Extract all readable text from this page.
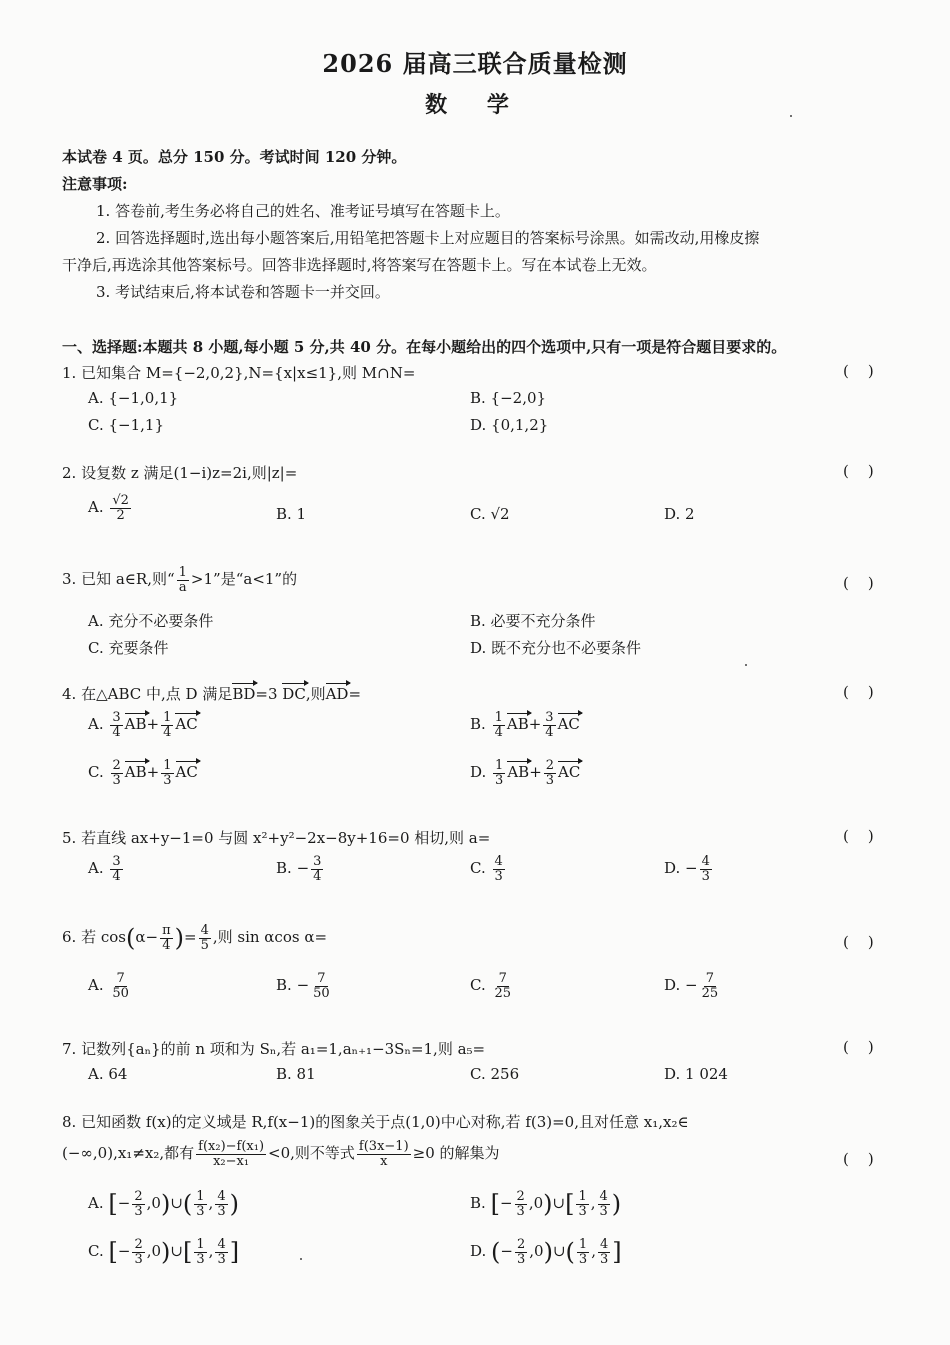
2026 届高三联合质量检测
数 学
本试卷 4 页。总分 150 分。考试时间 120 分钟。
注意事项:
1. 答卷前,考生务必将自己的姓名、准考证号填写在答题卡上。
2. 回答选择题时,选出每小题答案后,用铅笔把答题卡上对应题目的答案标号涂黑。如需改动,用橡皮擦
干净后,再选涂其他答案标号。回答非选择题时,将答案写在答题卡上。写在本试卷上无效。
3. 考试结束后,将本试卷和答题卡一并交回。
一、选择题:本题共 8 小题,每小题 5 分,共 40 分。在每小题给出的四个选项中,只有一项是符合题目要求的。
1. 已知集合 M={−2,0,2},N={x|x≤1},则 M∩N=	(    )
A. {−1,0,1}	B. {−2,0}
C. {−1,1}	D. {0,1,2}
2. 设复数 z 满足(1−i)z=2i,则|z|=	(    )
A. $\frac{√2}{2}$	B. 1	C. √2	D. 2
3. 已知 a∈R,则“ $\frac{1}{a} >1$”是“a<1”的	(    )
A. 充分不必要条件	B. 必要不充分条件
C. 充要条件	D. 既不充分也不必要条件
4. 在△ABC 中,点 D 满足BD=3 DC,则AD=	(    )
A. $\frac{3}{4} AB+ \frac{1}{4}$ AC	B. $\frac{1}{4} AB+ \frac{3}{4}$ AC
C. $\frac{2}{3} AB+ \frac{1}{3}$ AC	D. $\frac{1}{3} AB+ \frac{2}{3}$ AC
5. 若直线 ax+y−1=0 与圆 x²+y²−2x−8y+16=0 相切,则 a=	(    )
A. $\frac{3}{4}$	B. − $\frac{3}{4}$	C. $\frac{4}{3}$	D. − $\frac{4}{3}$
6. 若 $\cos(\alpha- \frac{\pi}{4}$ )= $\frac{4}{5}$ ,则 sin αcos α=	(    )
A. $\frac{7}{50}$	B. − $\frac{7}{50}$	C. $\frac{7}{25}$	D. − $\frac{7}{25}$
7. 记数列{aₙ}的前 n 项和为 Sₙ,若 a₁=1,aₙ₊₁−3Sₙ=1,则 a₅=	(    )
A. 64	B. 81	C. 256	D. 1 024
8. 已知函数 f(x)的定义域是 R,f(x−1)的图象关于点(1,0)中心对称,若 f(3)=0,且对任意 x₁,x₂∈
(−∞,0),x₁≠x₂,都有 $\frac{\text{f(x₂)−f(x₁)}}{\text{x₂−x₁}} <0$,则不等式 $\frac{f(3x-1)}{x} \ge 0$ 的解集为	(    )
A. [− $\frac{2}{3}$ ,0)∪( $\frac{1}{3}$ , $\frac{4}{3}$ )	B. [− $\frac{2}{3}$ ,0)∪[ $\frac{1}{3}$ , $\frac{4}{3}$ )
C. [− $\frac{2}{3}$ ,0)∪[ $\frac{1}{3}$ , $\frac{4}{3}$ ]	D. (− $\frac{2}{3}$ ,0)∪( $\frac{1}{3}$ , $\frac{4}{3}$ ]
